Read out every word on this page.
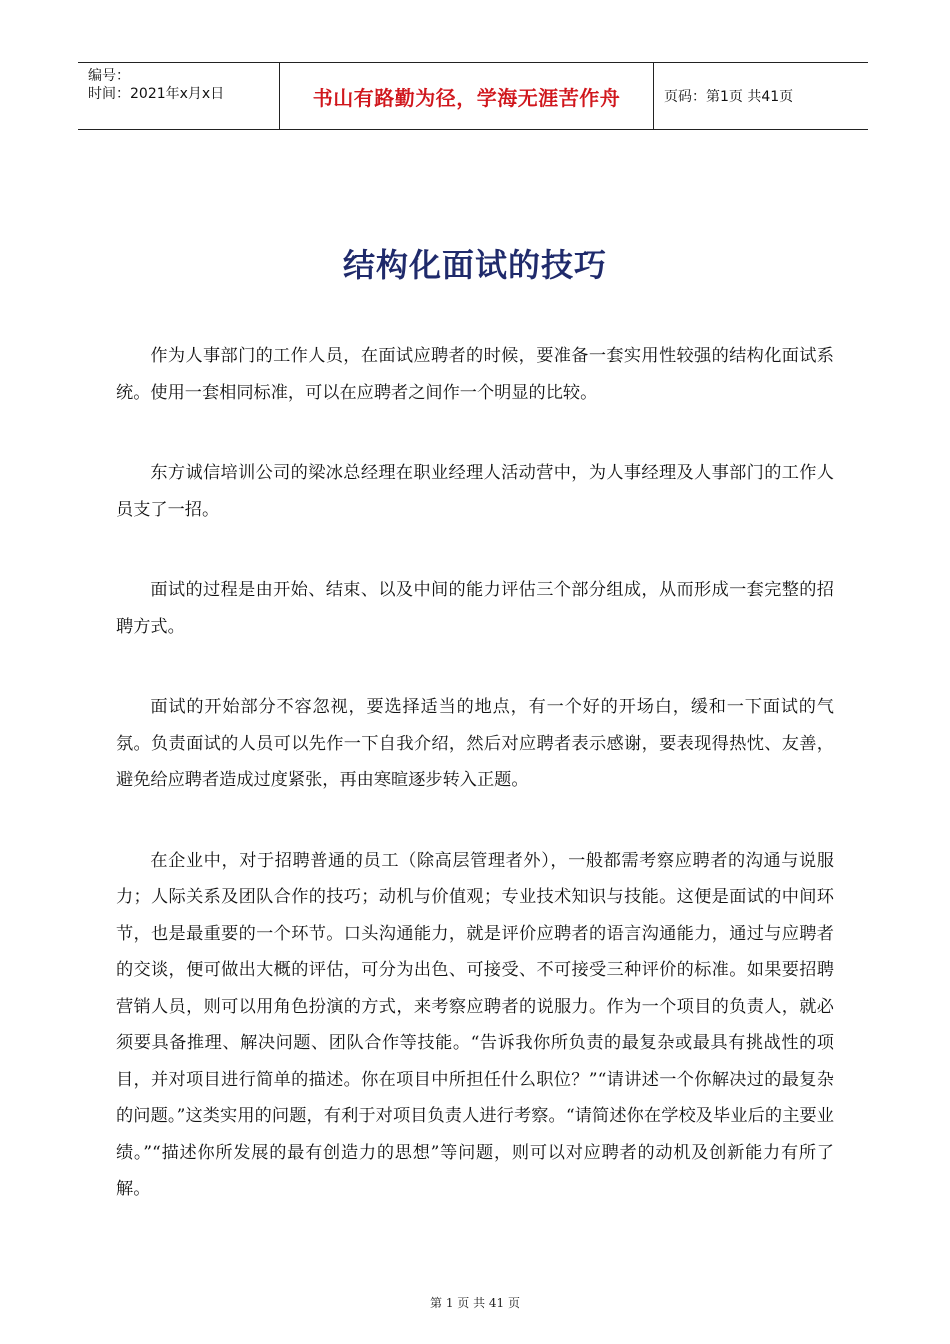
编号：
时间：2021年x月x日	书山有路勤为径，学海无涯苦作舟	页码：第1页 共41页
结构化面试的技巧

作为人事部门的工作人员，在面试应聘者的时候，要准备一套实用性较强的结构化面试系统。使用一套相同标准，可以在应聘者之间作一个明显的比较。

东方诚信培训公司的梁冰总经理在职业经理人活动营中，为人事经理及人事部门的工作人员支了一招。

面试的过程是由开始、结束、以及中间的能力评估三个部分组成，从而形成一套完整的招聘方式。

面试的开始部分不容忽视，要选择适当的地点，有一个好的开场白，缓和一下面试的气氛。负责面试的人员可以先作一下自我介绍，然后对应聘者表示感谢，要表现得热忱、友善，避免给应聘者造成过度紧张，再由寒暄逐步转入正题。

在企业中，对于招聘普通的员工（除高层管理者外），一般都需考察应聘者的沟通与说服力；人际关系及团队合作的技巧；动机与价值观；专业技术知识与技能。这便是面试的中间环节，也是最重要的一个环节。口头沟通能力，就是评价应聘者的语言沟通能力，通过与应聘者的交谈，便可做出大概的评估，可分为出色、可接受、不可接受三种评价的标准。如果要招聘营销人员，则可以用角色扮演的方式，来考察应聘者的说服力。作为一个项目的负责人，就必须要具备推理、解决问题、团队合作等技能。“告诉我你所负责的最复杂或最具有挑战性的项目，并对项目进行简单的描述。你在项目中所担任什么职位？”“请讲述一个你解决过的最复杂的问题。”这类实用的问题，有利于对项目负责人进行考察。“请简述你在学校及毕业后的主要业绩。”“描述你所发展的最有创造力的思想”等问题，则可以对应聘者的动机及创新能力有所了解。

第 1 页 共 41 页
